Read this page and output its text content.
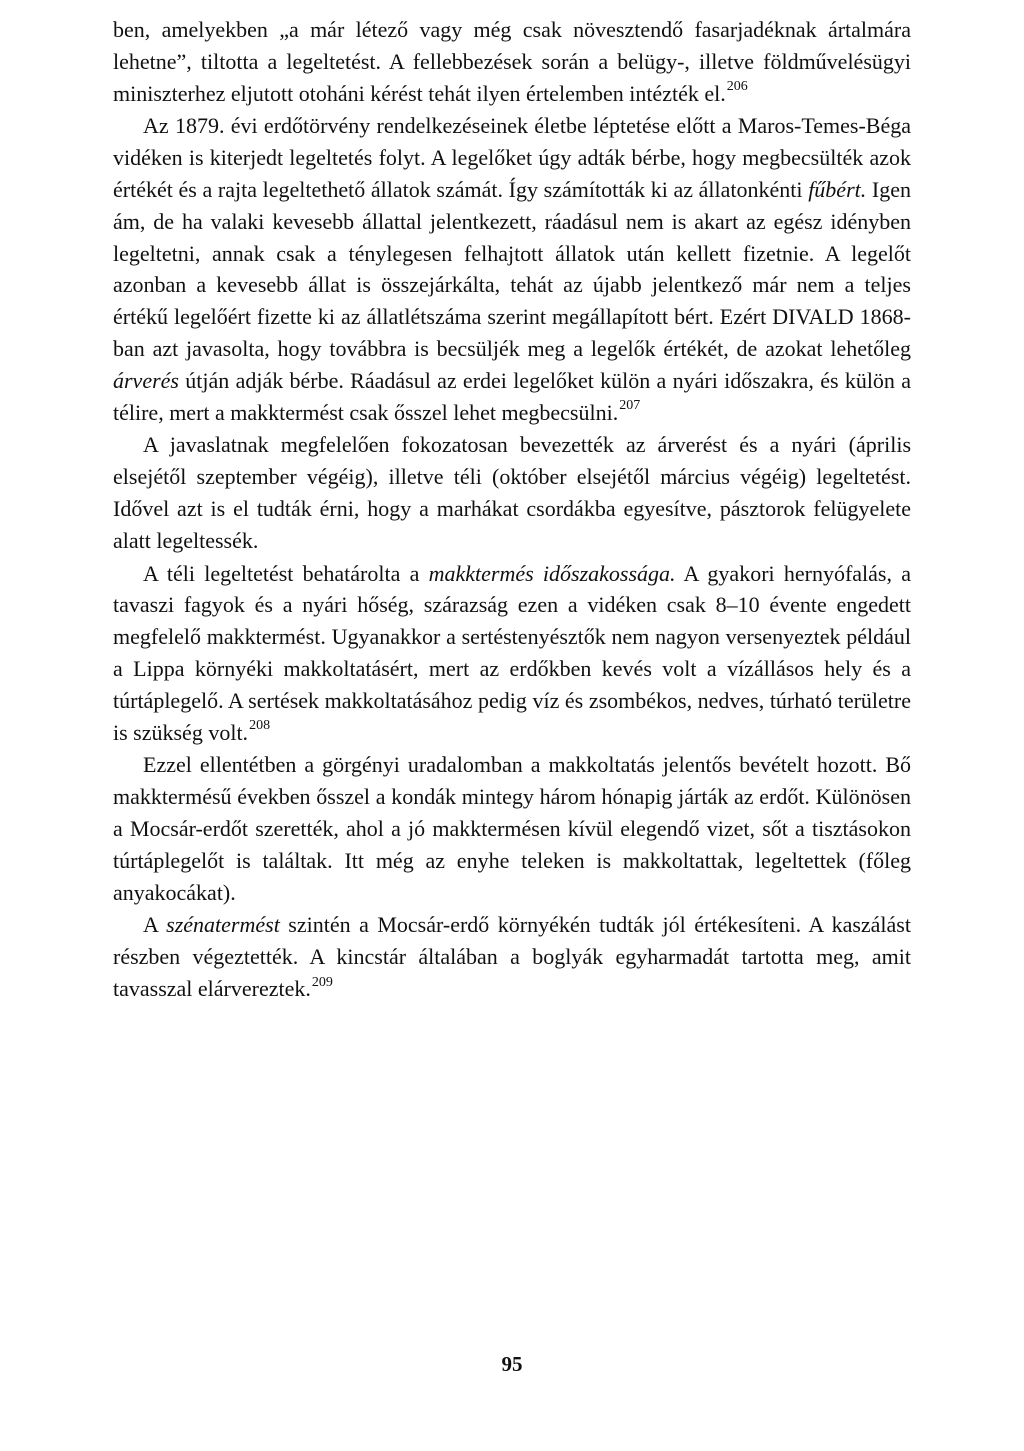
ben, amelyekben „a már létező vagy még csak növesztendő fasarjadéknak ártalmára lehetne”, tiltotta a legeltetést. A fellebbezések során a belügy-, illetve földművelésügyi miniszterhez eljutott otoháni kérést tehát ilyen értelemben intézték el.$^{206}$

Az 1879. évi erdőtörvény rendelkezéseinek életbe léptetése előtt a Maros-Temes-Béga vidéken is kiterjedt legeltetés folyt. A legelőket úgy adták bérbe, hogy megbecsülték azok értékét és a rajta legeltethető állatok számát. Így számították ki az állatonkénti fűbért. Igen ám, de ha valaki kevesebb állattal jelentkezett, ráadásul nem is akart az egész idényben legeltetni, annak csak a ténylegesen felhajtott állatok után kellett fizetnie. A legelőt azonban a kevesebb állat is összejárkálta, tehát az újabb jelentkező már nem a teljes értékű legelőért fizette ki az állatlétszáma szerint megállapított bért. Ezért DIVALD 1868-ban azt javasolta, hogy továbbra is becsüljék meg a legelők értékét, de azokat lehetőleg árverés útján adják bérbe. Ráadásul az erdei legelőket külön a nyári időszakra, és külön a télire, mert a makktermést csak ősszel lehet megbecsülni.$^{207}$

A javaslatnak megfelelően fokozatosan bevezették az árverést és a nyári (április elsejétől szeptember végéig), illetve téli (október elsejétől március végéig) legeltetést. Idővel azt is el tudták érni, hogy a marhákat csordákba egyesítve, pásztorok felügyelete alatt legeltessék.

A téli legeltetést behatárolta a makktermés időszakossága. A gyakori hernyófalás, a tavaszi fagyok és a nyári hőség, szárazság ezen a vidéken csak 8–10 évente engedett megfelelő makktermést. Ugyanakkor a sertéstenyésztők nem nagyon versenyeztek például a Lippa környéki makkoltatásért, mert az erdőkben kevés volt a vízállásos hely és a túrtáplegelő. A sertések makkoltatásához pedig víz és zsombékos, nedves, túrható területre is szükség volt.$^{208}$

Ezzel ellentétben a görgényi uradalomban a makkoltatás jelentős bevételt hozott. Bő makktermésű években ősszel a kondák mintegy három hónapig járták az erdőt. Különösen a Mocsár-erdőt szerették, ahol a jó makktermésen kívül elegendő vizet, sőt a tisztásokon túrtáplegelőt is találtak. Itt még az enyhe teleken is makkoltattak, legeltettek (főleg anyakocákat).

A szénatermést szintén a Mocsár-erdő környékén tudták jól értékesíteni. A kaszálást részben végeztették. A kincstár általában a boglyák egyharmadát tartotta meg, amit tavasszal elárvereztek.$^{209}$

95
